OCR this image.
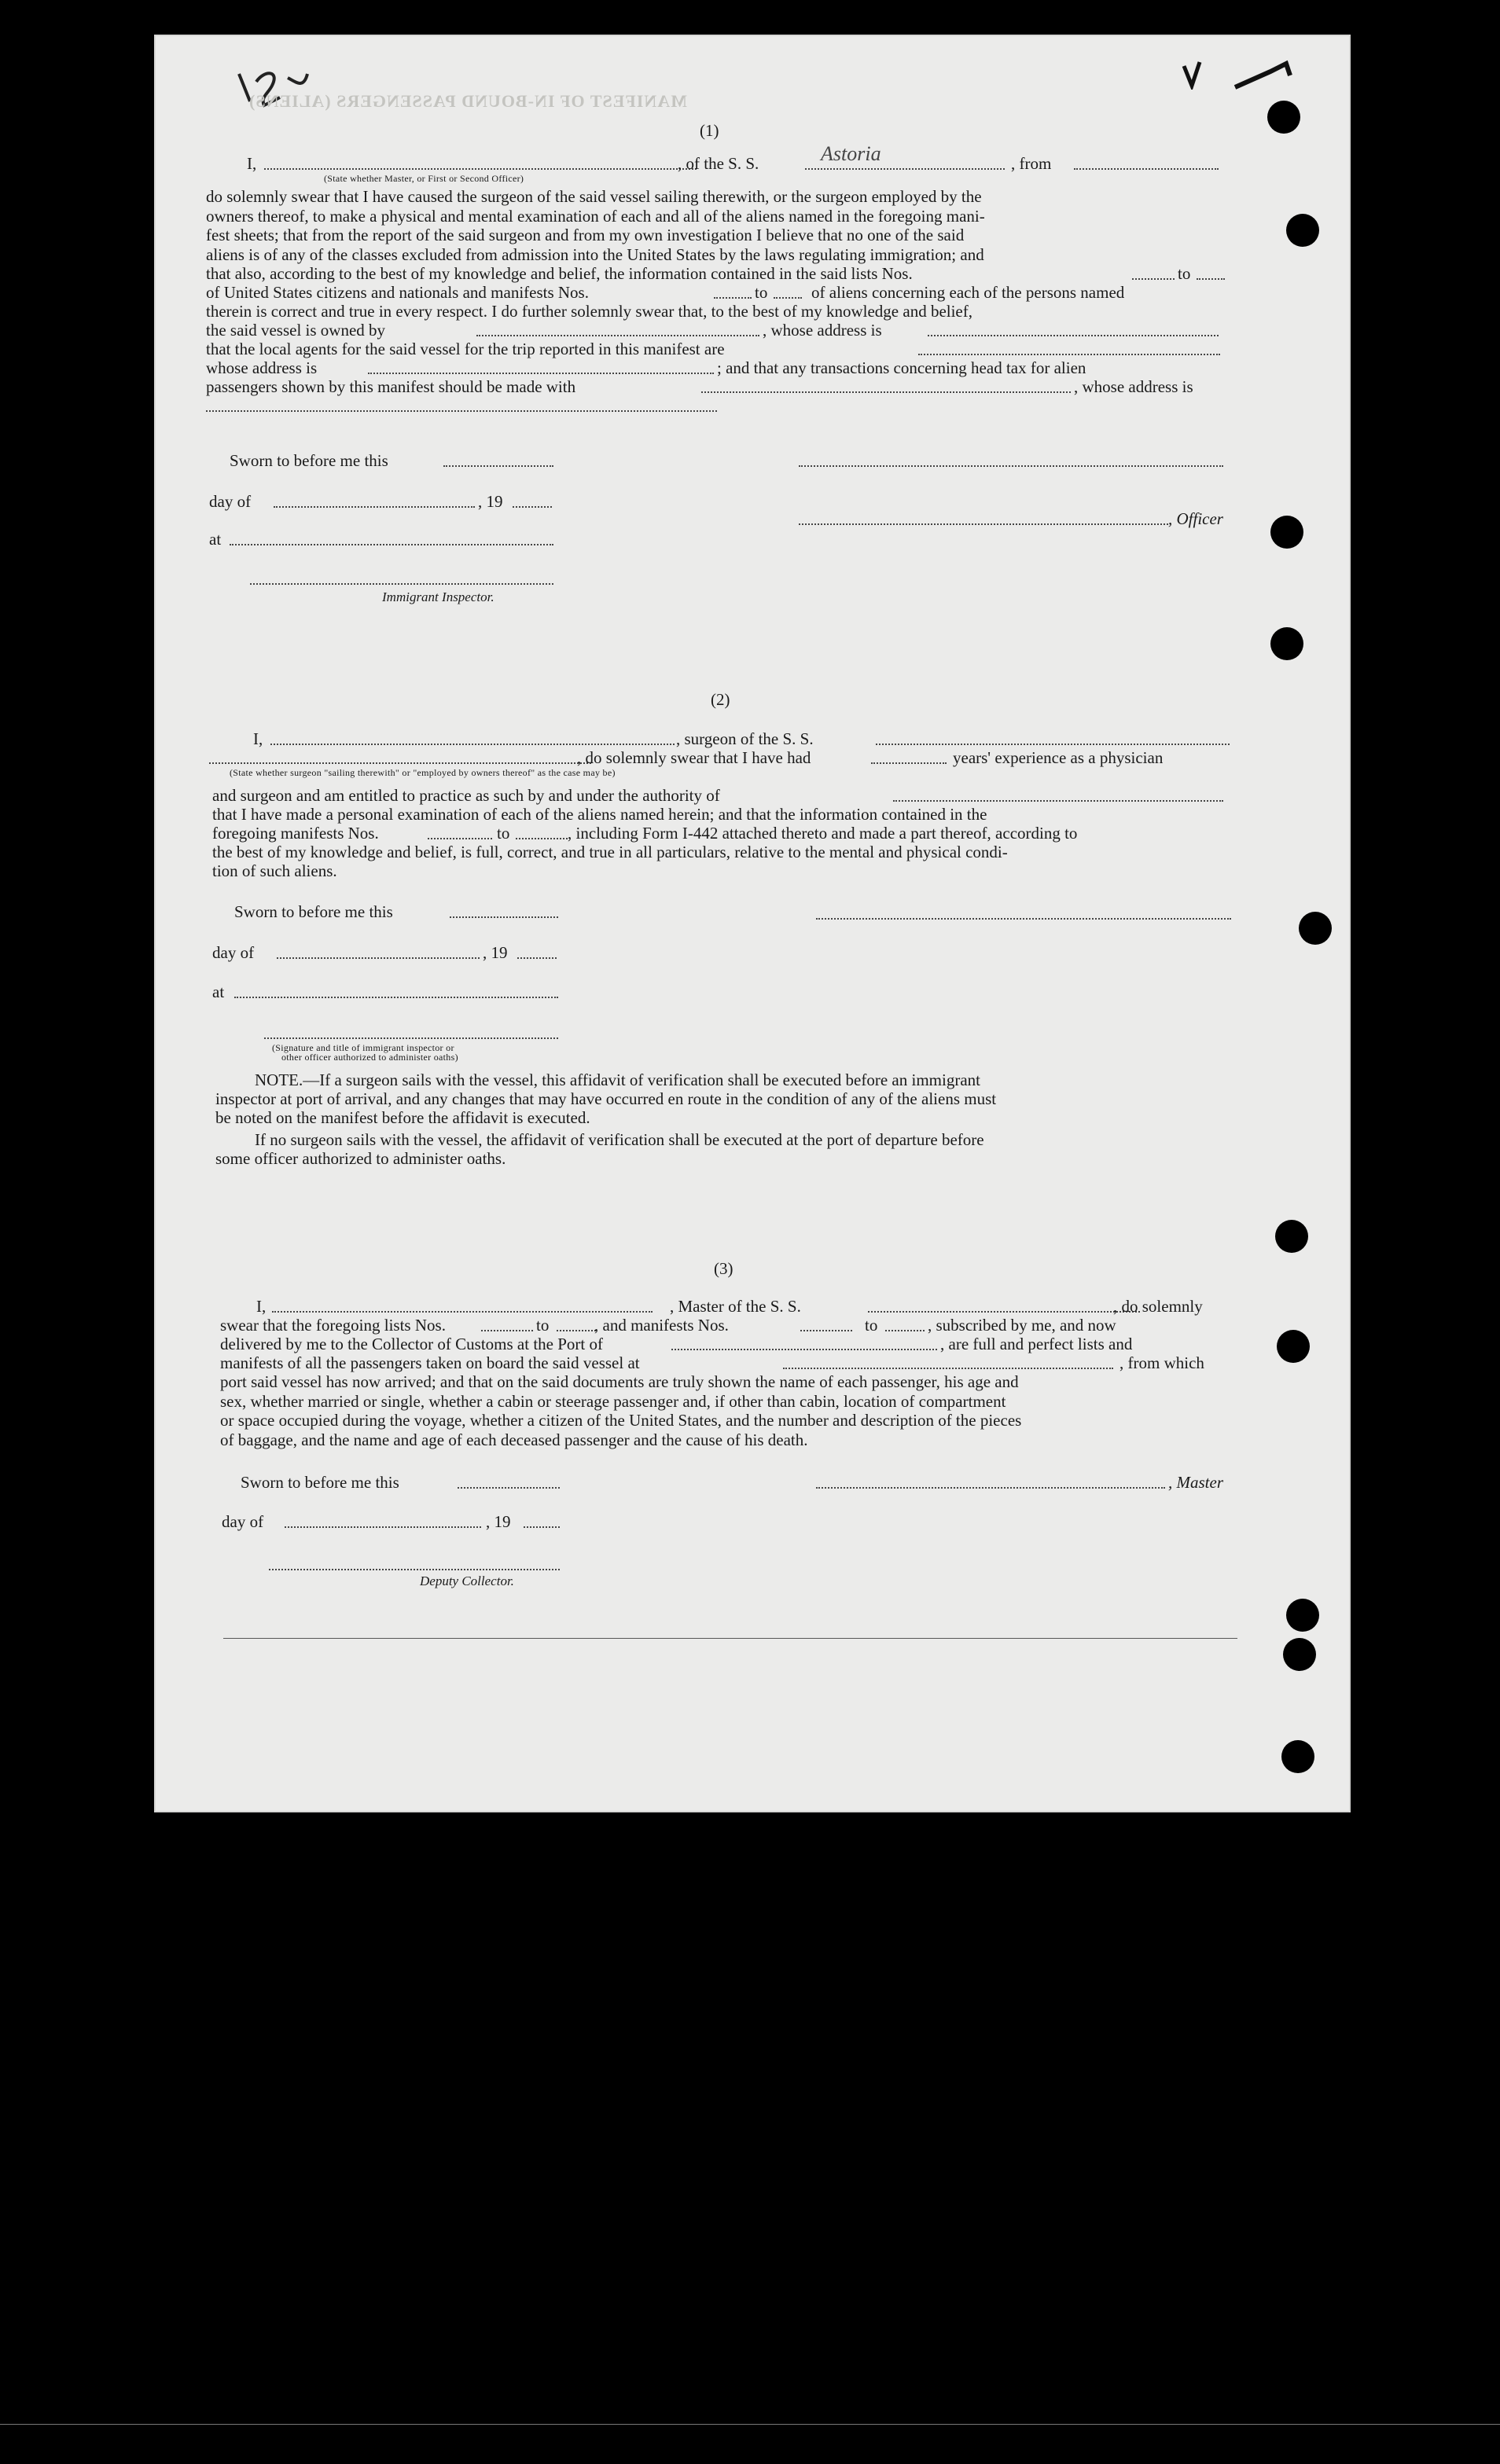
MANIFEST OF IN-BOUND PASSENGERS (ALIENS)
(1)
I,	, of the S. S.	Astoria	, from
(State whether Master, or First or Second Officer)
do solemnly swear that I have caused the surgeon of the said vessel sailing therewith, or the surgeon employed by the
owners thereof, to make a physical and mental examination of each and all of the aliens named in the foregoing mani-
fest sheets; that from the report of the said surgeon and from my own investigation I believe that no one of the said
aliens is of any of the classes excluded from admission into the United States by the laws regulating immigration; and
that also, according to the best of my knowledge and belief, the information contained in the said lists Nos.	to
of United States citizens and nationals and manifests Nos.	to	of aliens concerning each of the persons named
therein is correct and true in every respect. I do further solemnly swear that, to the best of my knowledge and belief,
the said vessel is owned by	, whose address is
that the local agents for the said vessel for the trip reported in this manifest are
whose address is	; and that any transactions concerning head tax for alien
passengers shown by this manifest should be made with	, whose address is
Sworn to before me this
day of	, 19
, Officer
at
Immigrant Inspector.
(2)
I,	, surgeon of the S. S.
, do solemnly swear that I have had	years' experience as a physician
(State whether surgeon "sailing therewith" or "employed by owners thereof" as the case may be)
and surgeon and am entitled to practice as such by and under the authority of
that I have made a personal examination of each of the aliens named herein; and that the information contained in the
foregoing manifests Nos.	to	, including Form I-442 attached thereto and made a part thereof, according to
the best of my knowledge and belief, is full, correct, and true in all particulars, relative to the mental and physical condi-
tion of such aliens.
Sworn to before me this
day of	, 19
at
(Signature and title of immigrant inspector or
other officer authorized to administer oaths)
NOTE.—If a surgeon sails with the vessel, this affidavit of verification shall be executed before an immigrant
inspector at port of arrival, and any changes that may have occurred en route in the condition of any of the aliens must
be noted on the manifest before the affidavit is executed.
If no surgeon sails with the vessel, the affidavit of verification shall be executed at the port of departure before
some officer authorized to administer oaths.
(3)
I,	, Master of the S. S.	, do solemnly
swear that the foregoing lists Nos.	to	, and manifests Nos.	to	, subscribed by me, and now
delivered by me to the Collector of Customs at the Port of	, are full and perfect lists and
manifests of all the passengers taken on board the said vessel at	, from which
port said vessel has now arrived; and that on the said documents are truly shown the name of each passenger, his age and
sex, whether married or single, whether a cabin or steerage passenger and, if other than cabin, location of compartment
or space occupied during the voyage, whether a citizen of the United States, and the number and description of the pieces
of baggage, and the name and age of each deceased passenger and the cause of his death.
Sworn to before me this	, Master
day of	, 19
Deputy Collector.
